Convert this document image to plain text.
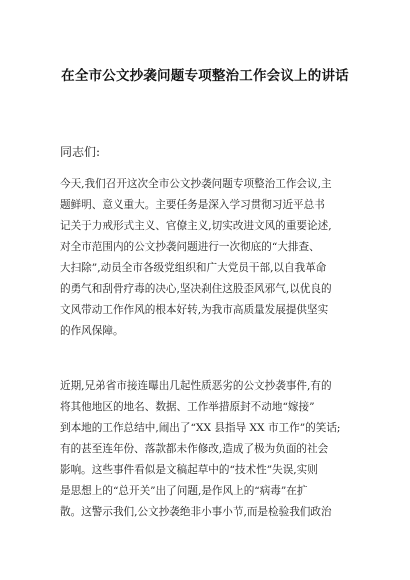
在全市公文抄袭问题专项整治工作会议上的讲话
同志们:
今天,我们召开这次全市公文抄袭问题专项整治工作会议,主
题鲜明、意义重大。主要任务是深入学习贯彻习近平总书
记关于力戒形式主义、官僚主义,切实改进文风的重要论述,
对全市范围内的公文抄袭问题进行一次彻底的“大排查、
大扫除”,动员全市各级党组织和广大党员干部,以自我革命
的勇气和刮骨疗毒的决心,坚决刹住这股歪风邪气,以优良的
文风带动工作作风的根本好转,为我市高质量发展提供坚实
的作风保障。
近期,兄弟省市接连曝出几起性质恶劣的公文抄袭事件,有的
将其他地区的地名、数据、工作举措原封不动地“嫁接”
到本地的工作总结中,闹出了“XX 县指导 XX 市工作”的笑话;
有的甚至连年份、落款都未作修改,造成了极为负面的社会
影响。这些事件看似是文稿起草中的“技术性”失误,实则
是思想上的“总开关”出了问题,是作风上的“病毒”在扩
散。这警示我们,公文抄袭绝非小事小节,而是检验我们政治
